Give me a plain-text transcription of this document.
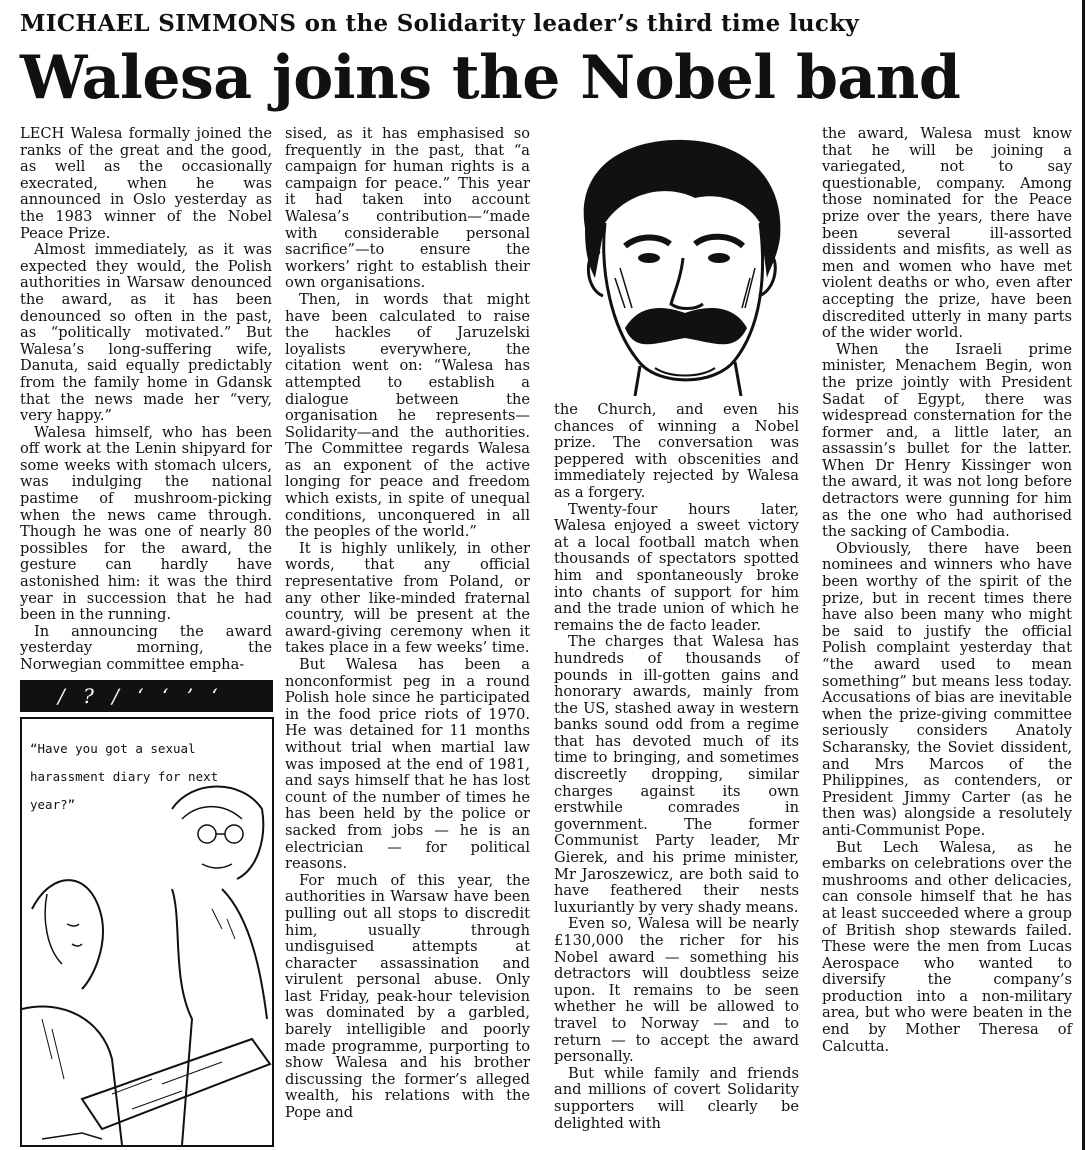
MICHAEL SIMMONS on the Solidarity leader’s third time lucky
Walesa joins the Nobel band

LECH Walesa formally joined the ranks of the great and the good, as well as the occasionally execrated, when he was announced in Oslo yesterday as the 1983 winner of the Nobel Peace Prize.

Almost immediately, as it was expected they would, the Polish authorities in Warsaw denounced the award, as it has been denounced so often in the past, as “politically motivated.” But Walesa’s long-suffering wife, Danuta, said equally predictably from the family home in Gdansk that the news made her “very, very happy.”

Walesa himself, who has been off work at the Lenin shipyard for some weeks with stomach ulcers, was indulging the national pastime of mushroom-picking when the news came through. Though he was one of nearly 80 possibles for the award, the gesture can hardly have astonished him: it was the third year in succession that he had been in the running.

In announcing the award yesterday morning, the Norwegian committee empha-

/ ? / ‘ ‘ ’ ‘
“Have you got a sexual harassment diary for next year?”

sised, as it has emphasised so frequently in the past, that “a campaign for human rights is a campaign for peace.” This year it had taken into account Walesa’s contribution—“made with considerable personal sacrifice”—to ensure the workers’ right to establish their own organisations.

Then, in words that might have been calculated to raise the hackles of Jaruzelski loyalists everywhere, the citation went on: “Walesa has attempted to establish a dialogue between the organisation he represents—Solidarity—and the authorities. The Committee regards Walesa as an exponent of the active longing for peace and freedom which exists, in spite of unequal conditions, unconquered in all the peoples of the world.”

It is highly unlikely, in other words, that any official representative from Poland, or any other like-minded fraternal country, will be present at the award-giving ceremony when it takes place in a few weeks’ time.

But Walesa has been a nonconformist peg in a round Polish hole since he participated in the food price riots of 1970. He was detained for 11 months without trial when martial law was imposed at the end of 1981, and says himself that he has lost count of the number of times he has been held by the police or sacked from jobs — he is an electrician — for political reasons.

For much of this year, the authorities in Warsaw have been pulling out all stops to discredit him, usually through undisguised attempts at character assassination and virulent personal abuse. Only last Friday, peak-hour television was dominated by a garbled, barely intelligible and poorly made programme, purporting to show Walesa and his brother discussing the former’s alleged wealth, his relations with the Pope and

the Church, and even his chances of winning a Nobel prize. The conversation was peppered with obscenities and immediately rejected by Walesa as a forgery.

Twenty-four hours later, Walesa enjoyed a sweet victory at a local football match when thousands of spectators spotted him and spontaneously broke into chants of support for him and the trade union of which he remains the de facto leader.

The charges that Walesa has hundreds of thousands of pounds in ill-gotten gains and honorary awards, mainly from the US, stashed away in western banks sound odd from a regime that has devoted much of its time to bringing, and sometimes discreetly dropping, similar charges against its own erstwhile comrades in government. The former Communist Party leader, Mr Gierek, and his prime minister, Mr Jaroszewicz, are both said to have feathered their nests luxuriantly by very shady means.

Even so, Walesa will be nearly £130,000 the richer for his Nobel award — something his detractors will doubtless seize upon. It remains to be seen whether he will be allowed to travel to Norway — and to return — to accept the award personally.

But while family and friends and millions of covert Solidarity supporters will clearly be delighted with

the award, Walesa must know that he will be joining a variegated, not to say questionable, company. Among those nominated for the Peace prize over the years, there have been several ill-assorted dissidents and misfits, as well as men and women who have met violent deaths or who, even after accepting the prize, have been discredited utterly in many parts of the wider world.

When the Israeli prime minister, Menachem Begin, won the prize jointly with President Sadat of Egypt, there was widespread consternation for the former and, a little later, an assassin’s bullet for the latter. When Dr Henry Kissinger won the award, it was not long before detractors were gunning for him as the one who had authorised the sacking of Cambodia.

Obviously, there have been nominees and winners who have been worthy of the spirit of the prize, but in recent times there have also been many who might be said to justify the official Polish complaint yesterday that “the award used to mean something” but means less today. Accusations of bias are inevitable when the prize-giving committee seriously considers Anatoly Scharansky, the Soviet dissident, and Mrs Marcos of the Philippines, as contenders, or President Jimmy Carter (as he then was) alongside a resolutely anti-Communist Pope.

But Lech Walesa, as he embarks on celebrations over the mushrooms and other delicacies, can console himself that he has at least succeeded where a group of British shop stewards failed. These were the men from Lucas Aerospace who wanted to diversify the company’s production into a non-military area, but who were beaten in the end by Mother Theresa of Calcutta.
